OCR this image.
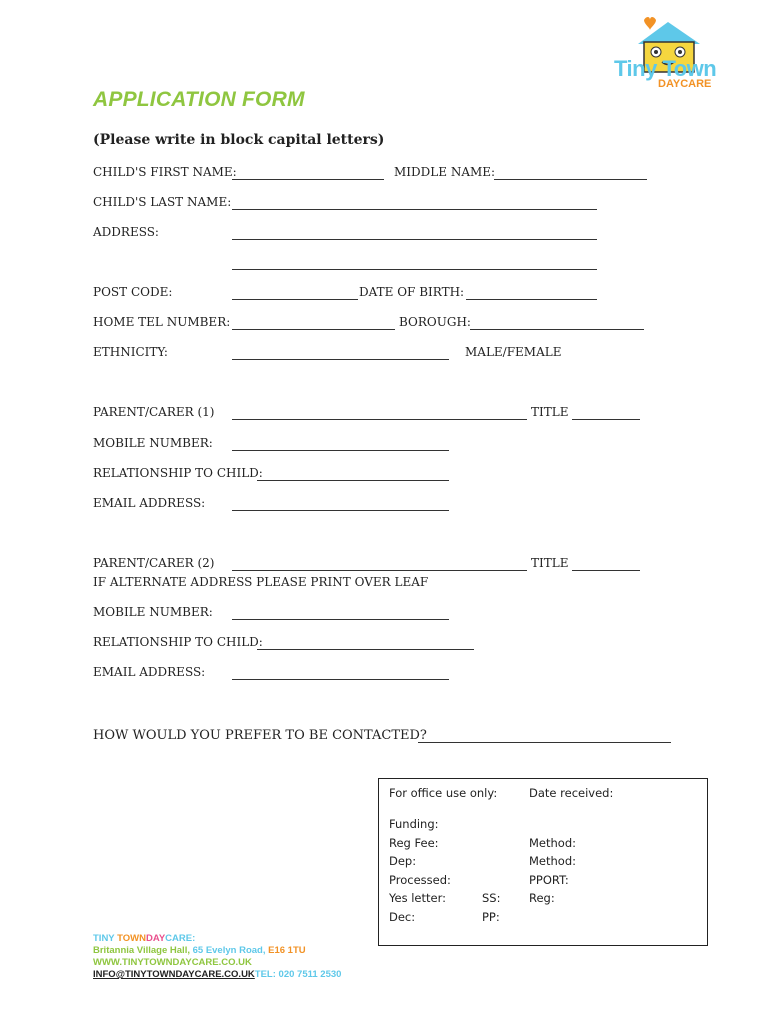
Tiny Town
DAYCARE
APPLICATION FORM
(Please write in block capital letters)
CHILD'S FIRST NAME:	MIDDLE NAME:
CHILD'S LAST NAME:
ADDRESS:
POST CODE:	DATE OF BIRTH:
HOME TEL NUMBER:	BOROUGH:
ETHNICITY:	MALE/FEMALE
PARENT/CARER (1)	TITLE
MOBILE NUMBER:
RELATIONSHIP TO CHILD:
EMAIL ADDRESS:
PARENT/CARER (2)	TITLE
IF ALTERNATE ADDRESS PLEASE PRINT OVER LEAF
MOBILE NUMBER:
RELATIONSHIP TO CHILD:
EMAIL ADDRESS:
HOW WOULD YOU PREFER TO BE CONTACTED?
For office use only:	Date received:
Funding:
Reg Fee:	Method:
Dep:	Method:
Processed:	PPORT:
Yes letter:	SS: Reg:
Dec:	PP:
TINY TOWNDAYCARE:
Britannia Village Hall, 65 Evelyn Road, E16 1TU
WWW.TINYTOWNDAYCARE.CO.UK
INFO@TINYTOWNDAYCARE.CO.UKTEL: 020 7511 2530
